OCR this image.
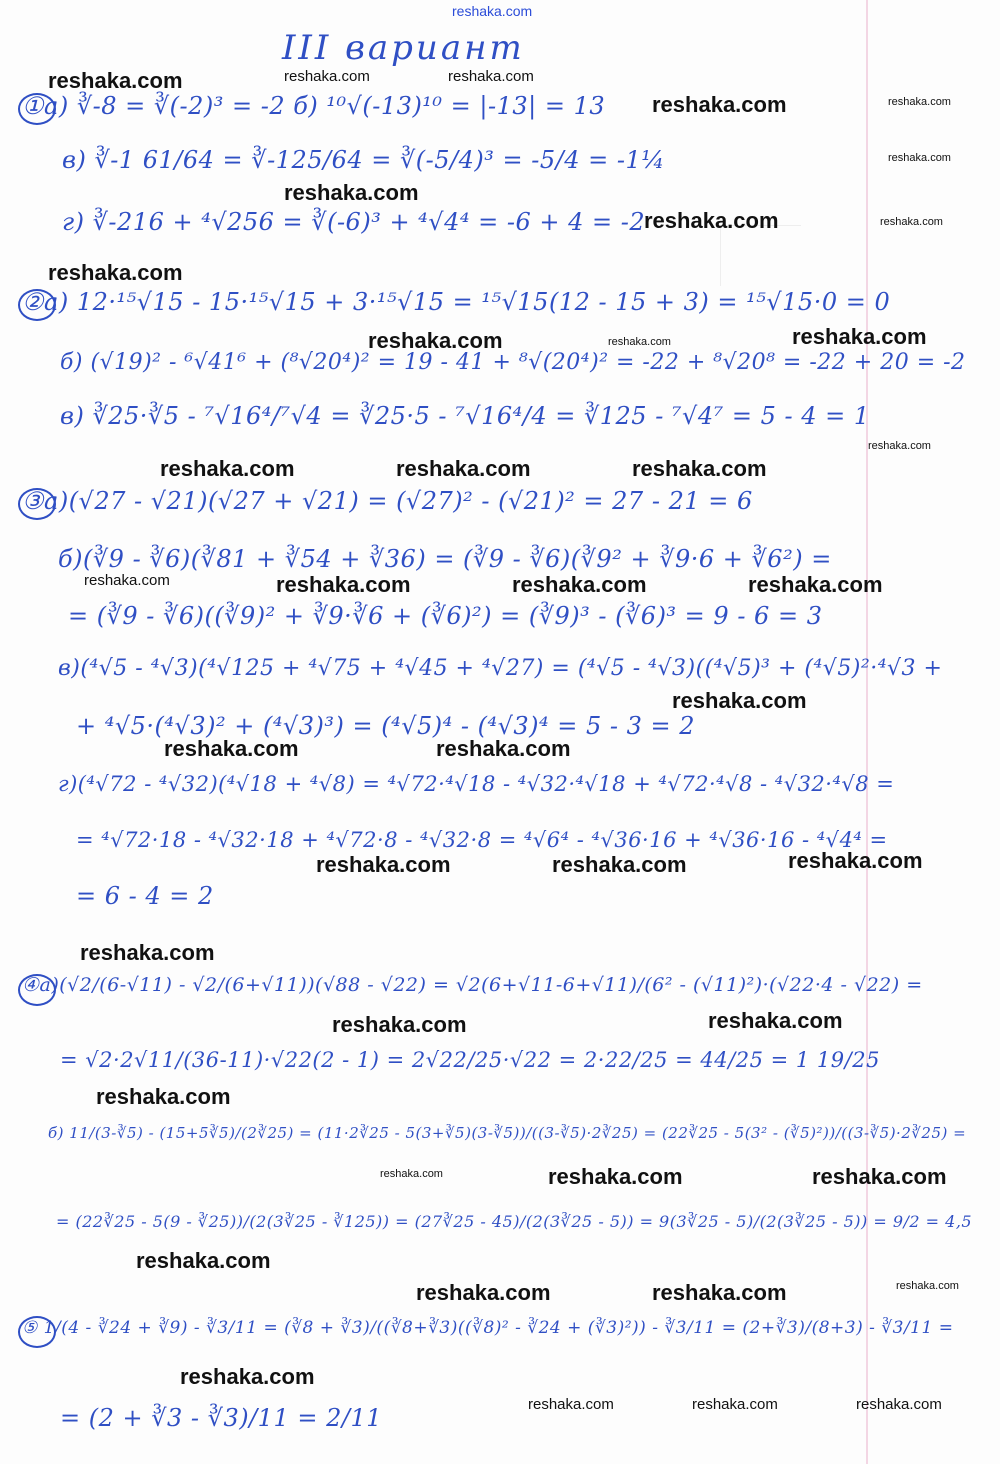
reshaka.com
III вариант
①а) ∛-8 = ∛(-2)³ = -2 б) ¹⁰√(-13)¹⁰ = |-13| = 13
в) ∛-1 61/64 = ∛-125/64 = ∛(-5/4)³ = -5/4 = -1¼
г) ∛-216 + ⁴√256 = ∛(-6)³ + ⁴√4⁴ = -6 + 4 = -2
②а) 12·¹⁵√15 - 15·¹⁵√15 + 3·¹⁵√15 = ¹⁵√15(12 - 15 + 3) = ¹⁵√15·0 = 0
б) (√19)² - ⁶√41⁶ + (⁸√20⁴)² = 19 - 41 + ⁸√(20⁴)² = -22 + ⁸√20⁸ = -22 + 20 = -2
в) ∛25·∛5 - ⁷√16⁴/⁷√4 = ∛25·5 - ⁷√16⁴/4 = ∛125 - ⁷√4⁷ = 5 - 4 = 1
③а)(√27 - √21)(√27 + √21) = (√27)² - (√21)² = 27 - 21 = 6
б)(∛9 - ∛6)(∛81 + ∛54 + ∛36) = (∛9 - ∛6)(∛9² + ∛9·6 + ∛6²) =
= (∛9 - ∛6)((∛9)² + ∛9·∛6 + (∛6)²) = (∛9)³ - (∛6)³ = 9 - 6 = 3
в)(⁴√5 - ⁴√3)(⁴√125 + ⁴√75 + ⁴√45 + ⁴√27) = (⁴√5 - ⁴√3)((⁴√5)³ + (⁴√5)²·⁴√3 +
+ ⁴√5·(⁴√3)² + (⁴√3)³) = (⁴√5)⁴ - (⁴√3)⁴ = 5 - 3 = 2
г)(⁴√72 - ⁴√32)(⁴√18 + ⁴√8) = ⁴√72·⁴√18 - ⁴√32·⁴√18 + ⁴√72·⁴√8 - ⁴√32·⁴√8 =
= ⁴√72·18 - ⁴√32·18 + ⁴√72·8 - ⁴√32·8 = ⁴√6⁴ - ⁴√36·16 + ⁴√36·16 - ⁴√4⁴ =
= 6 - 4 = 2
④а)(√2/(6-√11) - √2/(6+√11))(√88 - √22) = √2(6+√11-6+√11)/(6² - (√11)²)·(√22·4 - √22) =
= √2·2√11/(36-11)·√22(2 - 1) = 2√22/25·√22 = 2·22/25 = 44/25 = 1 19/25
б) 11/(3-∛5) - (15+5∛5)/(2∛25) = (11·2∛25 - 5(3+∛5)(3-∛5))/((3-∛5)·2∛25) = (22∛25 - 5(3² - (∛5)²))/((3-∛5)·2∛25) =
= (22∛25 - 5(9 - ∛25))/(2(3∛25 - ∛125)) = (27∛25 - 45)/(2(3∛25 - 5)) = 9(3∛25 - 5)/(2(3∛25 - 5)) = 9/2 = 4,5
⑤ 1/(4 - ∛24 + ∛9) - ∛3/11 = (∛8 + ∛3)/((∛8+∛3)((∛8)² - ∛24 + (∛3)²)) - ∛3/11 = (2+∛3)/(8+3) - ∛3/11 =
= (2 + ∛3 - ∛3)/11 = 2/11
reshaka.com	reshaka.com	reshaka.com
reshaka.com	reshaka.com
reshaka.com
reshaka.com
reshaka.com	reshaka.com
reshaka.com
reshaka.com	reshaka.com	reshaka.com
reshaka.com
reshaka.com	reshaka.com	reshaka.com
reshaka.com	reshaka.com	reshaka.com	reshaka.com
reshaka.com
reshaka.com	reshaka.com
reshaka.com	reshaka.com	reshaka.com
reshaka.com
reshaka.com	reshaka.com
reshaka.com
reshaka.com	reshaka.com	reshaka.com
reshaka.com
reshaka.com	reshaka.com	reshaka.com
reshaka.com
reshaka.com	reshaka.com	reshaka.com
